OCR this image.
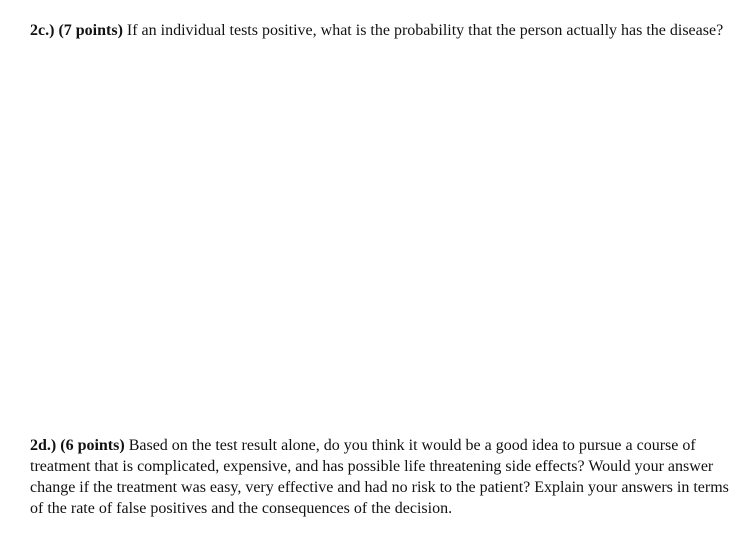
2c.) (7 points) If an individual tests positive, what is the probability that the person actually has the disease?

2d.) (6 points) Based on the test result alone, do you think it would be a good idea to pursue a course of treatment that is complicated, expensive, and has possible life threatening side effects? Would your answer change if the treatment was easy, very effective and had no risk to the patient? Explain your answers in terms of the rate of false positives and the consequences of the decision.
